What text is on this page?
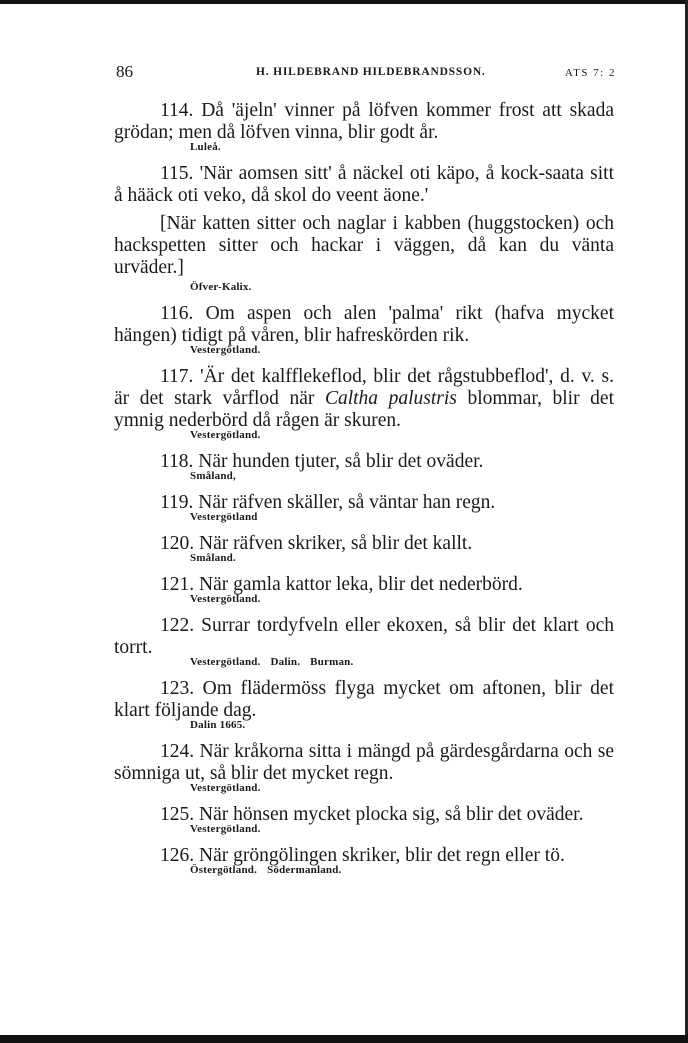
86	H. HILDEBRAND HILDEBRANDSSON.	ATS 7: 2

114. Då 'äjeln' vinner på löfven kommer frost att skada grödan; men då löfven vinna, blir godt år.

Luleå.

115. 'När aomsen sitt' å näckel oti käpo, å kock-saata sitt å hääck oti veko, då skol do veent äone.'

[När katten sitter och naglar i kabben (huggstocken) och hackspetten sitter och hackar i väggen, då kan du vänta urväder.]

Öfver-Kalix.

116. Om aspen och alen 'palma' rikt (hafva mycket hängen) tidigt på våren, blir hafreskörden rik.

Vestergötland.

117. 'Är det kalfflekeflod, blir det rågstubbeflod', d. v. s. är det stark vårflod när Caltha palustris blommar, blir det ymnig nederbörd då rågen är skuren.

Vestergötland.

118. När hunden tjuter, så blir det oväder.

Småland,

119. När räfven skäller, så väntar han regn.

Vestergötland

120. När räfven skriker, så blir det kallt.

Småland.

121. När gamla kattor leka, blir det nederbörd.

Vestergötland.

122. Surrar tordyfveln eller ekoxen, så blir det klart och torrt.

Vestergötland. Dalin. Burman.

123. Om flädermöss flyga mycket om aftonen, blir det klart följande dag.

Dalin 1665.

124. När kråkorna sitta i mängd på gärdesgårdarna och se sömniga ut, så blir det mycket regn.

Vestergötland.

125. När hönsen mycket plocka sig, så blir det oväder.

Vestergötland.

126. När gröngölingen skriker, blir det regn eller tö.

Östergötland. Södermanland.
